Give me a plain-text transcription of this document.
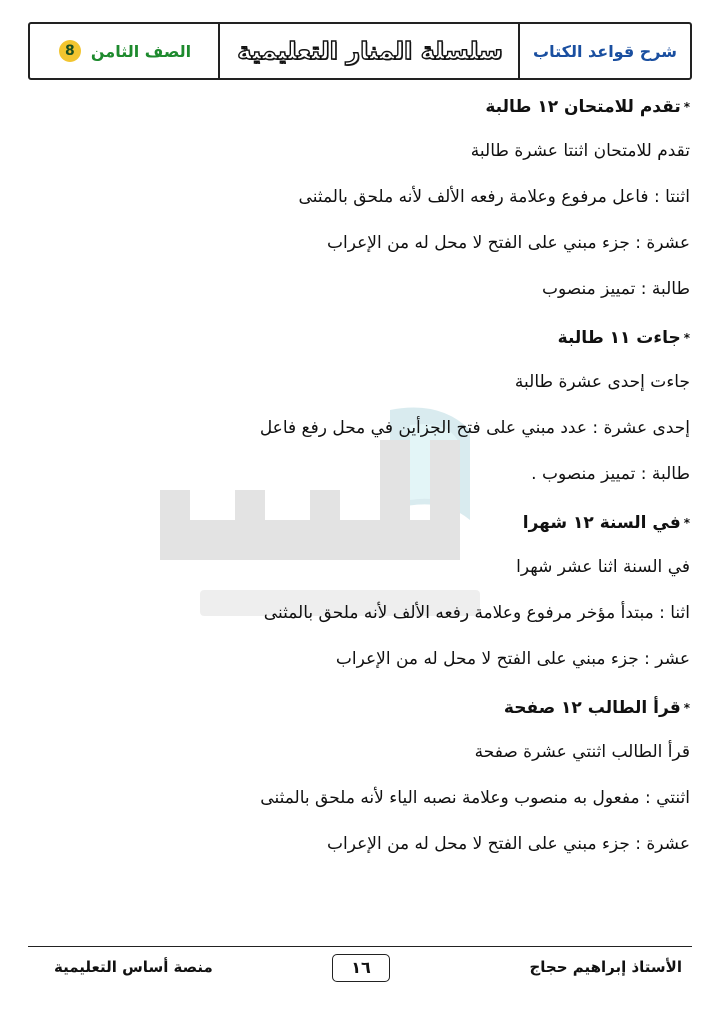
شرح قواعد الكتاب
سلسلة المنار التعليمية
الصف الثامن
8
*تقدم للامتحان ١٢ طالبة
تقدم للامتحان اثنتا عشرة طالبة
اثنتا : فاعل مرفوع وعلامة رفعه الألف لأنه ملحق بالمثنى
عشرة : جزء مبني على الفتح لا محل له من الإعراب
طالبة : تمييز منصوب
*جاءت ١١ طالبة
جاءت إحدى عشرة طالبة
إحدى عشرة : عدد مبني على فتح الجزأين في محل رفع فاعل
طالبة : تمييز منصوب .
*في السنة ١٢ شهرا
في السنة اثنا عشر شهرا
اثنا : مبتدأ مؤخر مرفوع وعلامة رفعه الألف لأنه ملحق بالمثنى
عشر : جزء مبني على الفتح لا محل له من الإعراب
*قرأ الطالب ١٢ صفحة
قرأ الطالب اثنتي عشرة صفحة
اثنتي : مفعول به منصوب وعلامة نصبه الياء لأنه ملحق بالمثنى
عشرة : جزء مبني على الفتح لا محل له من الإعراب
الأستاذ إبراهيم حجاج
١٦
منصة أساس التعليمية
